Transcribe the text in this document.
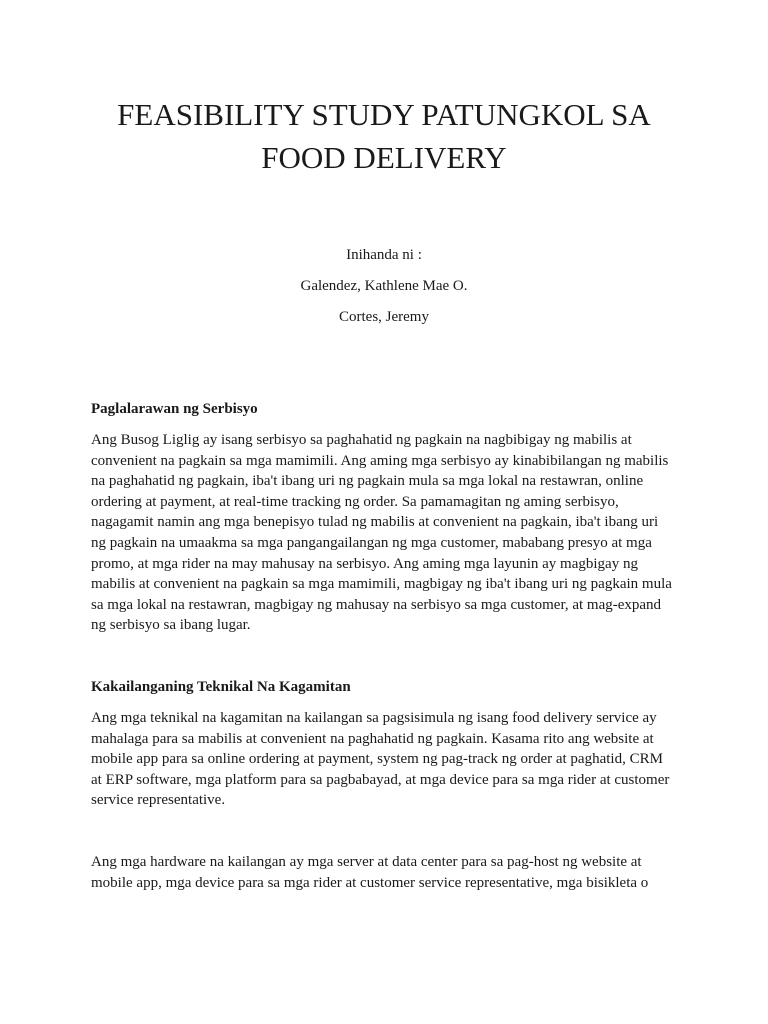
FEASIBILITY STUDY PATUNGKOL SA
FOOD DELIVERY

Inihanda ni :

Galendez, Kathlene Mae O.

Cortes, Jeremy

Paglalarawan ng Serbisyo
Ang Busog Liglig ay isang serbisyo sa paghahatid ng pagkain na nagbibigay ng mabilis at
convenient na pagkain sa mga mamimili. Ang aming mga serbisyo ay kinabibilangan ng mabilis
na paghahatid ng pagkain, iba't ibang uri ng pagkain mula sa mga lokal na restawran, online
ordering at payment, at real-time tracking ng order. Sa pamamagitan ng aming serbisyo,
nagagamit namin ang mga benepisyo tulad ng mabilis at convenient na pagkain, iba't ibang uri
ng pagkain na umaakma sa mga pangangailangan ng mga customer, mababang presyo at mga
promo, at mga rider na may mahusay na serbisyo. Ang aming mga layunin ay magbigay ng
mabilis at convenient na pagkain sa mga mamimili, magbigay ng iba't ibang uri ng pagkain mula
sa mga lokal na restawran, magbigay ng mahusay na serbisyo sa mga customer, at mag-expand
ng serbisyo sa ibang lugar.
Kakailanganing Teknikal Na Kagamitan
Ang mga teknikal na kagamitan na kailangan sa pagsisimula ng isang food delivery service ay
mahalaga para sa mabilis at convenient na paghahatid ng pagkain. Kasama rito ang website at
mobile app para sa online ordering at payment, system ng pag-track ng order at paghatid, CRM
at ERP software, mga platform para sa pagbabayad, at mga device para sa mga rider at customer
service representative.
Ang mga hardware na kailangan ay mga server at data center para sa pag-host ng website at
mobile app, mga device para sa mga rider at customer service representative, mga bisikleta o
